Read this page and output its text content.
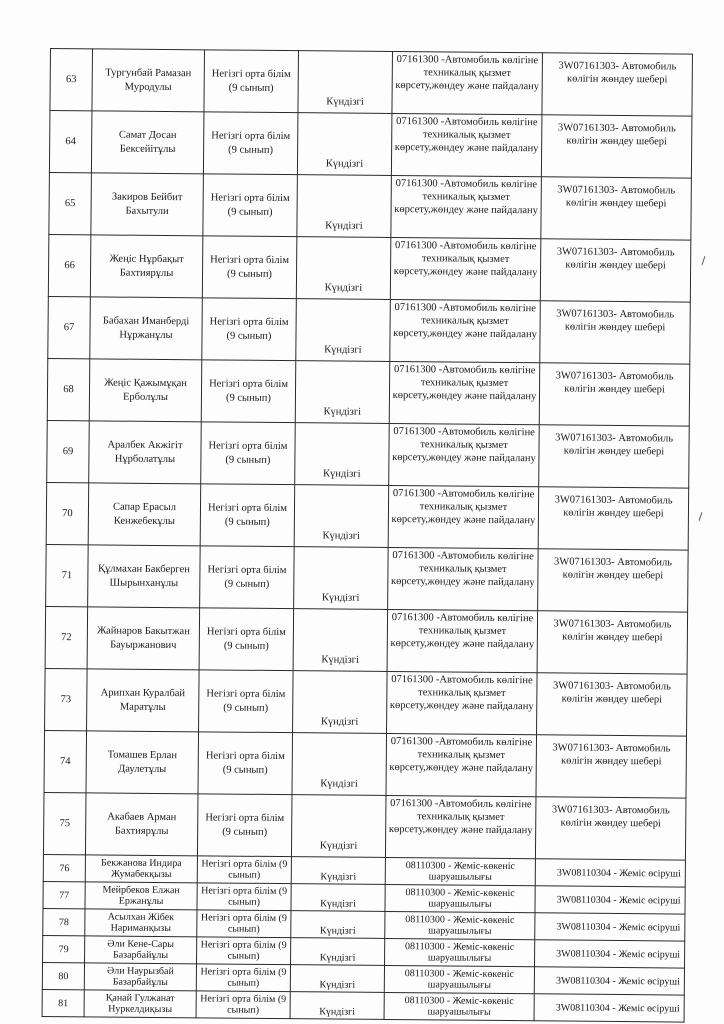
63	Тургунбай Рамазан Муродулы	Негізгі орта білім (9 сынып)	Күндізгі	07161300 -Автомобиль көлігіне техникалық қызмет көрсету,жөндеу және пайдалану	3W07161303- Автомобиль көлігін жөндеу шебері
64	Самат Досан Бексейітұлы	Негізгі орта білім (9 сынып)	Күндізгі	07161300 -Автомобиль көлігіне техникалық қызмет көрсету,жөндеу және пайдалану	3W07161303- Автомобиль көлігін жөндеу шебері
65	Закиров Бейбит Бахытули	Негізгі орта білім (9 сынып)	Күндізгі	07161300 -Автомобиль көлігіне техникалық қызмет көрсету,жөндеу және пайдалану	3W07161303- Автомобиль көлігін жөндеу шебері
66	Жеңіс Нұрбақыт Бахтиярұлы	Негізгі орта білім (9 сынып)	Күндізгі	07161300 -Автомобиль көлігіне техникалық қызмет көрсету,жөндеу және пайдалану	3W07161303- Автомобиль көлігін жөндеу шебері
67	Бабахан Иманберді Нұржанұлы	Негізгі орта білім (9 сынып)	Күндізгі	07161300 -Автомобиль көлігіне техникалық қызмет көрсету,жөндеу және пайдалану	3W07161303- Автомобиль көлігін жөндеу шебері
68	Жеңіс Қажымұқан Ерболұлы	Негізгі орта білім (9 сынып)	Күндізгі	07161300 -Автомобиль көлігіне техникалық қызмет көрсету,жөндеу және пайдалану	3W07161303- Автомобиль көлігін жөндеу шебері
69	Аралбек Акжігіт Нұрболатұлы	Негізгі орта білім (9 сынып)	Күндізгі	07161300 -Автомобиль көлігіне техникалық қызмет көрсету,жөндеу және пайдалану	3W07161303- Автомобиль көлігін жөндеу шебері
70	Сапар Ерасыл Кенжебекұлы	Негізгі орта білім (9 сынып)	Күндізгі	07161300 -Автомобиль көлігіне техникалық қызмет көрсету,жөндеу және пайдалану	3W07161303- Автомобиль көлігін жөндеу шебері
71	Құлмахан Бакберген Шырынханұлы	Негізгі орта білім (9 сынып)	Күндізгі	07161300 -Автомобиль көлігіне техникалық қызмет көрсету,жөндеу және пайдалану	3W07161303- Автомобиль көлігін жөндеу шебері
72	Жайнаров Бакытжан Бауыржанович	Негізгі орта білім (9 сынып)	Күндізгі	07161300 -Автомобиль көлігіне техникалық қызмет көрсету,жөндеу және пайдалану	3W07161303- Автомобиль көлігін жөндеу шебері
73	Арипхан Куралбай Маратұлы	Негізгі орта білім (9 сынып)	Күндізгі	07161300 -Автомобиль көлігіне техникалық қызмет көрсету,жөндеу және пайдалану	3W07161303- Автомобиль көлігін жөндеу шебері
74	Томашев Ерлан Даулетұлы	Негізгі орта білім (9 сынып)	Күндізгі	07161300 -Автомобиль көлігіне техникалық қызмет көрсету,жөндеу және пайдалану	3W07161303- Автомобиль көлігін жөндеу шебері
75	Акабаев Арман Бахтиярұлы	Негізгі орта білім (9 сынып)	Күндізгі	07161300 -Автомобиль көлігіне техникалық қызмет көрсету,жөндеу және пайдалану	3W07161303- Автомобиль көлігін жөндеу шебері
76	Бекжанова Индира Жумабекқызы	Негізгі орта білім (9 сынып)	Күндізгі	08110300 - Жеміс-көкеніс шаруашылығы	3W08110304 - Жеміс өсіруші
77	Мейрбеков Елжан Ержанұлы	Негізгі орта білім (9 сынып)	Күндізгі	08110300 - Жеміс-көкеніс шаруашылығы	3W08110304 - Жеміс өсіруші
78	Асылхан Жібек Нариманқызы	Негізгі орта білім (9 сынып)	Күндізгі	08110300 - Жеміс-көкеніс шаруашылығы	3W08110304 - Жеміс өсіруші
79	Әли Кене-Сары Базарбайұлы	Негізгі орта білім (9 сынып)	Күндізгі	08110300 - Жеміс-көкеніс шаруашылығы	3W08110304 - Жеміс өсіруші
80	Әли Наурызбай Базарбайұлы	Негізгі орта білім (9 сынып)	Күндізгі	08110300 - Жеміс-көкеніс шаруашылығы	3W08110304 - Жеміс өсіруші
81	Қанай Гулжанат Нуркелдиқызы	Негізгі орта білім (9 сынып)	Күндізгі	08110300 - Жеміс-көкеніс шаруашылығы	3W08110304 - Жеміс өсіруші
